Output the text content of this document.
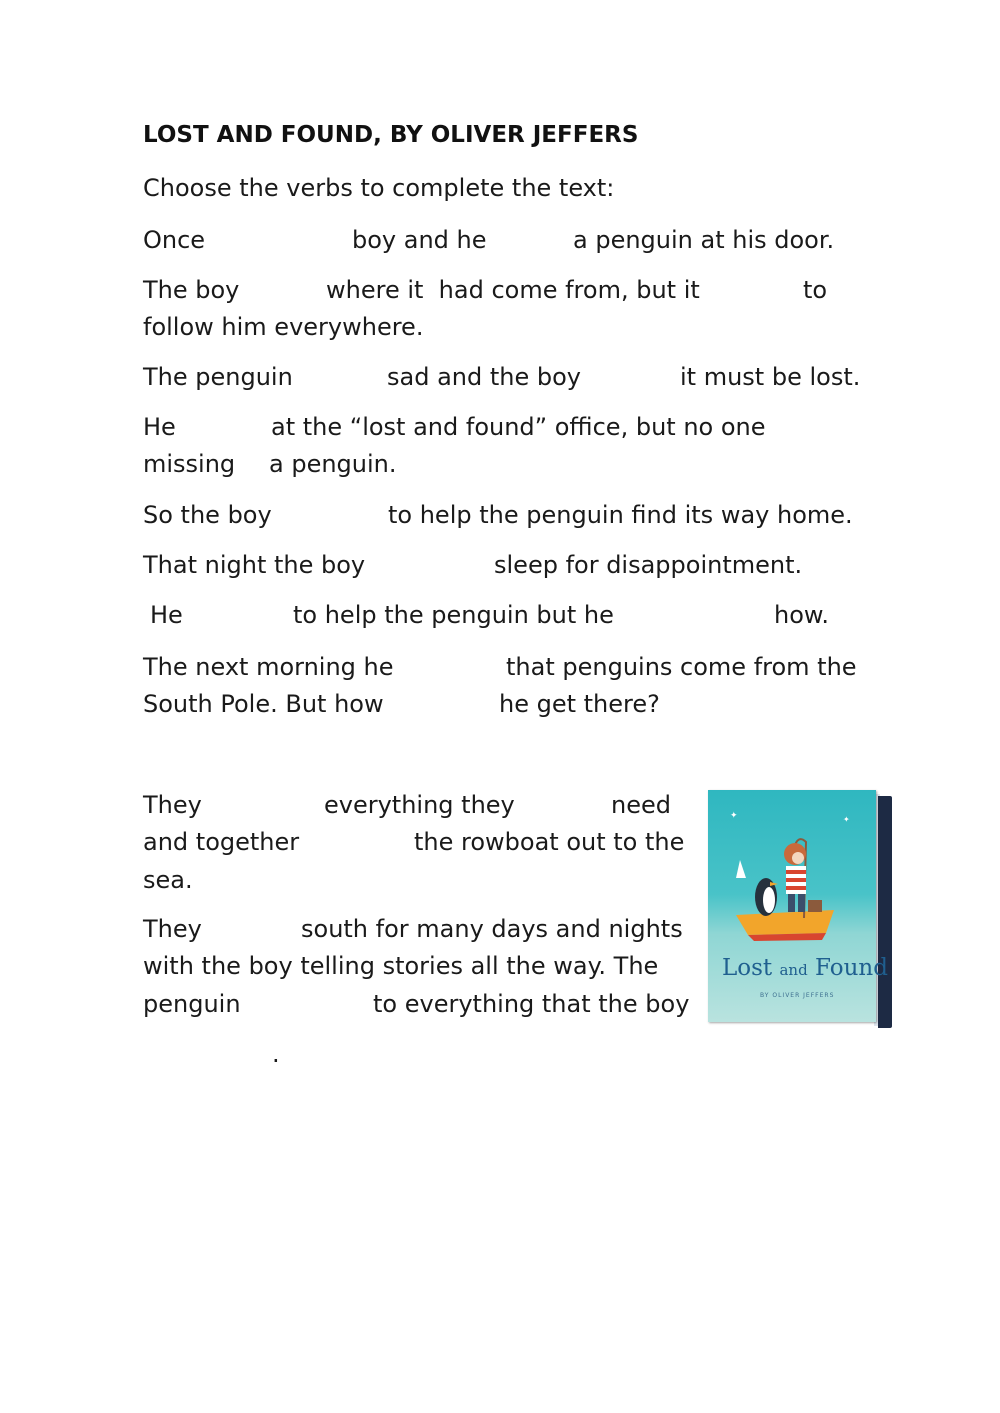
LOST AND FOUND, BY OLIVER JEFFERS
Choose the verbs to complete the text:
Once	boy and he	a penguin at his door.
The boy	where it  had come from, but it	to
follow him everywhere.
The penguin	sad and the boy	it must be lost.
He	at the “lost and found” office, but no one
missing a penguin.
So the boy	to help the penguin find its way home.
That night the boy	sleep for disappointment.
He	to help the penguin but he	how.
The next morning he	that penguins come from the
South Pole. But how	he get there?
They	everything they	need
and together	the rowboat out to the
sea.
They	south for many days and nights
with the boy telling stories all the way. The
penguin	to everything that the boy
.
✦	✦
Lost and Found
BY OLIVER JEFFERS
